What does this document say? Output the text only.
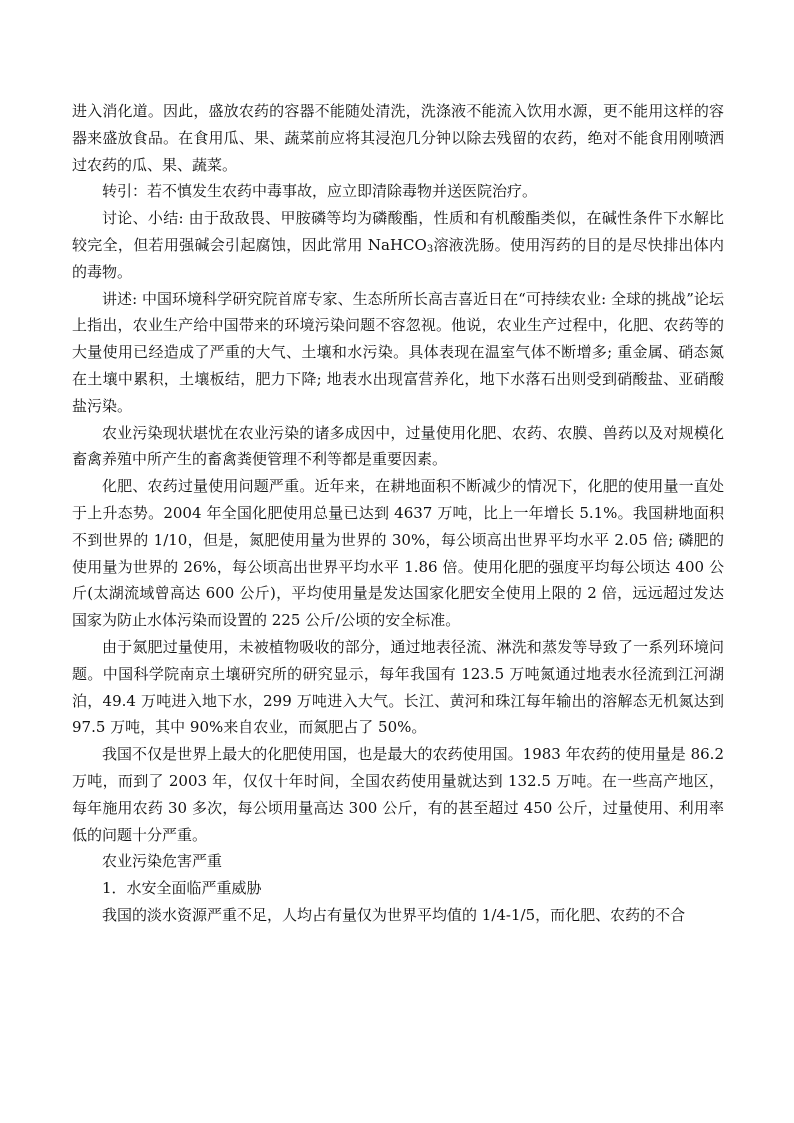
进入消化道。因此，盛放农药的容器不能随处清洗，洗涤液不能流入饮用水源，更不能用这样的容器来盛放食品。在食用瓜、果、蔬菜前应将其浸泡几分钟以除去残留的农药，绝对不能食用刚喷洒过农药的瓜、果、蔬菜。

转引：若不慎发生农药中毒事故，应立即清除毒物并送医院治疗。

讨论、小结: 由于敌敌畏、甲胺磷等均为磷酸酯，性质和有机酸酯类似，在碱性条件下水解比较完全，但若用强碱会引起腐蚀，因此常用 NaHCO$_3$溶液洗肠。使用泻药的目的是尽快排出体内的毒物。

讲述: 中国环境科学研究院首席专家、生态所所长高吉喜近日在“可持续农业: 全球的挑战”论坛上指出，农业生产给中国带来的环境污染问题不容忽视。他说，农业生产过程中，化肥、农药等的大量使用已经造成了严重的大气、土壤和水污染。具体表现在温室气体不断增多; 重金属、硝态氮在土壤中累积，土壤板结，肥力下降; 地表水出现富营养化，地下水落石出则受到硝酸盐、亚硝酸盐污染。

农业污染现状堪忧在农业污染的诸多成因中，过量使用化肥、农药、农膜、兽药以及对规模化畜禽养殖中所产生的畜禽粪便管理不利等都是重要因素。

化肥、农药过量使用问题严重。近年来，在耕地面积不断减少的情况下，化肥的使用量一直处于上升态势。2004 年全国化肥使用总量已达到 4637 万吨，比上一年增长 5.1%。我国耕地面积不到世界的 1/10，但是，氮肥使用量为世界的 30%，每公顷高出世界平均水平 2.05 倍; 磷肥的使用量为世界的 26%，每公顷高出世界平均水平 1.86 倍。使用化肥的强度平均每公顷达 400 公斤(太湖流域曾高达 600 公斤)，平均使用量是发达国家化肥安全使用上限的 2 倍，远远超过发达国家为防止水体污染而设置的 225 公斤/公顷的安全标准。

由于氮肥过量使用，未被植物吸收的部分，通过地表径流、淋洗和蒸发等导致了一系列环境问题。中国科学院南京土壤研究所的研究显示，每年我国有 123.5 万吨氮通过地表水径流到江河湖泊，49.4 万吨进入地下水，299 万吨进入大气。长江、黄河和珠江每年输出的溶解态无机氮达到 97.5 万吨，其中 90%来自农业，而氮肥占了 50%。

我国不仅是世界上最大的化肥使用国，也是最大的农药使用国。1983 年农药的使用量是 86.2 万吨，而到了 2003 年，仅仅十年时间，全国农药使用量就达到 132.5 万吨。在一些高产地区，每年施用农药 30 多次，每公顷用量高达 300 公斤，有的甚至超过 450 公斤，过量使用、利用率低的问题十分严重。

农业污染危害严重

1．水安全面临严重威胁

我国的淡水资源严重不足，人均占有量仅为世界平均值的 1/4-1/5，而化肥、农药的不合
